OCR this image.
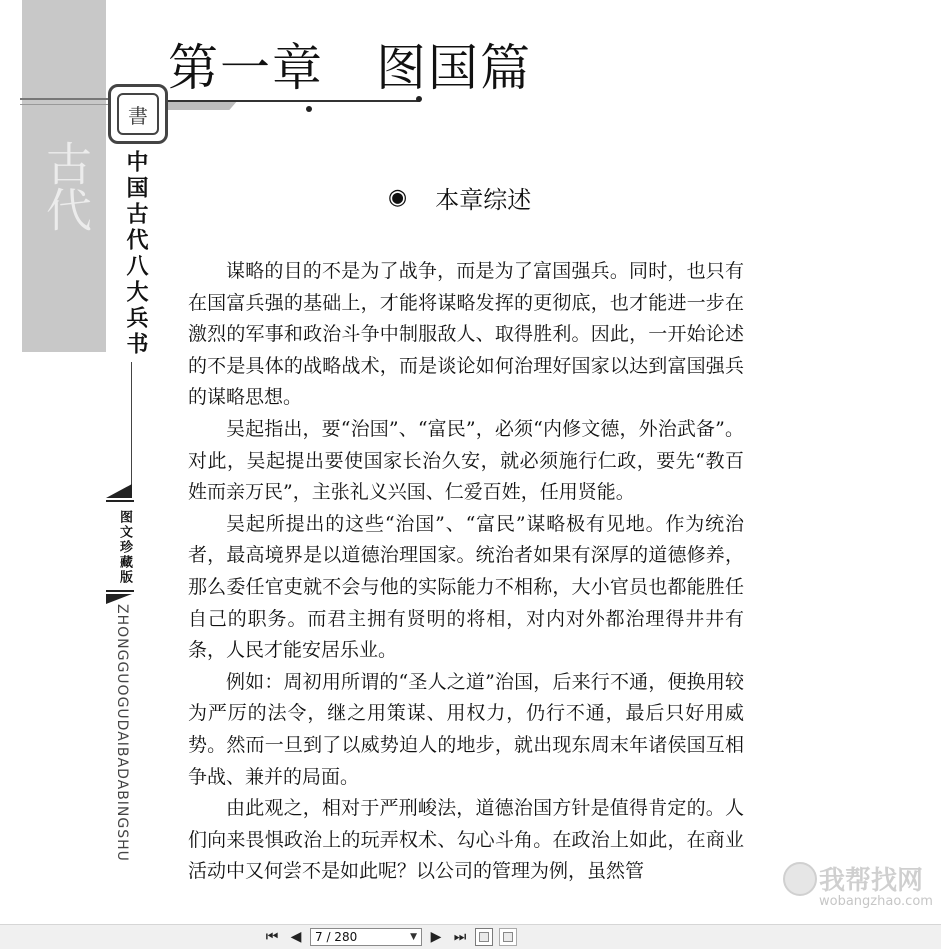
古代
書
第一章　图国篇
中国古代八大兵书
图文珍藏版
ZHONGGUOGUDAIBADABINGSHU
◉ 本章综述

谋略的目的不是为了战争，而是为了富国强兵。同时，也只有在国富兵强的基础上，才能将谋略发挥的更彻底，也才能进一步在激烈的军事和政治斗争中制服敌人、取得胜利。因此，一开始论述的不是具体的战略战术，而是谈论如何治理好国家以达到富国强兵的谋略思想。

吴起指出，要“治国”、“富民”，必须“内修文德，外治武备”。对此，吴起提出要使国家长治久安，就必须施行仁政，要先“教百姓而亲万民”，主张礼义兴国、仁爱百姓，任用贤能。

吴起所提出的这些“治国”、“富民”谋略极有见地。作为统治者，最高境界是以道德治理国家。统治者如果有深厚的道德修养，那么委任官吏就不会与他的实际能力不相称，大小官员也都能胜任自己的职务。而君主拥有贤明的将相，对内对外都治理得井井有条，人民才能安居乐业。

例如：周初用所谓的“圣人之道”治国，后来行不通，便换用较为严厉的法令，继之用策谋、用权力，仍行不通，最后只好用威势。然而一旦到了以威势迫人的地步，就出现东周末年诸侯国互相争战、兼并的局面。

由此观之，相对于严刑峻法，道德治国方针是值得肯定的。人们向来畏惧政治上的玩弄权术、勾心斗角。在政治上如此，在商业活动中又何尝不是如此呢？以公司的管理为例，虽然管	我帮找网
wobangzhao.com
⏮ ◀	7 / 280	▼ ▶ ⏭
